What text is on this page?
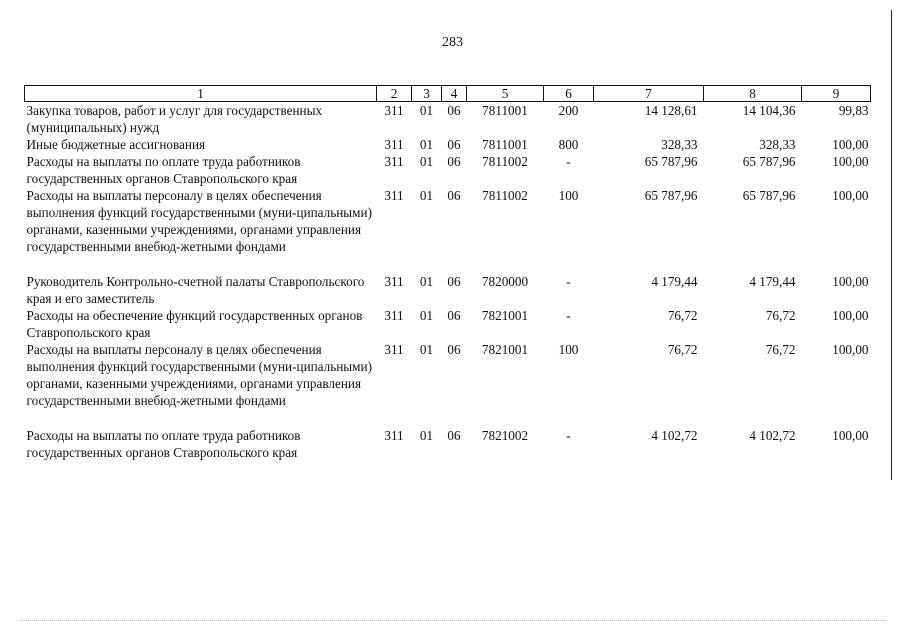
283
1	2	3	4	5	6	7	8	9
Закупка товаров, работ и услуг для государственных (муниципальных) нужд	311	01	06	7811001	200	14 128,61	14 104,36	99,83
Иные бюджетные ассигнования	311	01	06	7811001	800	328,33	328,33	100,00
Расходы на выплаты по оплате труда работников государственных органов Ставропольского края	311	01	06	7811002	-	65 787,96	65 787,96	100,00
Расходы на выплаты персоналу в целях обеспечения выполнения функций государственными (муни-ципальными) органами, казенными учреждениями, органами управления государственными внебюд-жетными фондами	311	01	06	7811002	100	65 787,96	65 787,96	100,00

Руководитель Контрольно-счетной палаты Ставропольского края и его заместитель	311	01	06	7820000	-	4 179,44	4 179,44	100,00
Расходы на обеспечение функций государственных органов Ставропольского края	311	01	06	7821001	-	76,72	76,72	100,00
Расходы на выплаты персоналу в целях обеспечения выполнения функций государственными (муни-ципальными) органами, казенными учреждениями, органами управления государственными внебюд-жетными фондами	311	01	06	7821001	100	76,72	76,72	100,00

Расходы на выплаты по оплате труда работников государственных органов Ставропольского края	311	01	06	7821002	-	4 102,72	4 102,72	100,00
